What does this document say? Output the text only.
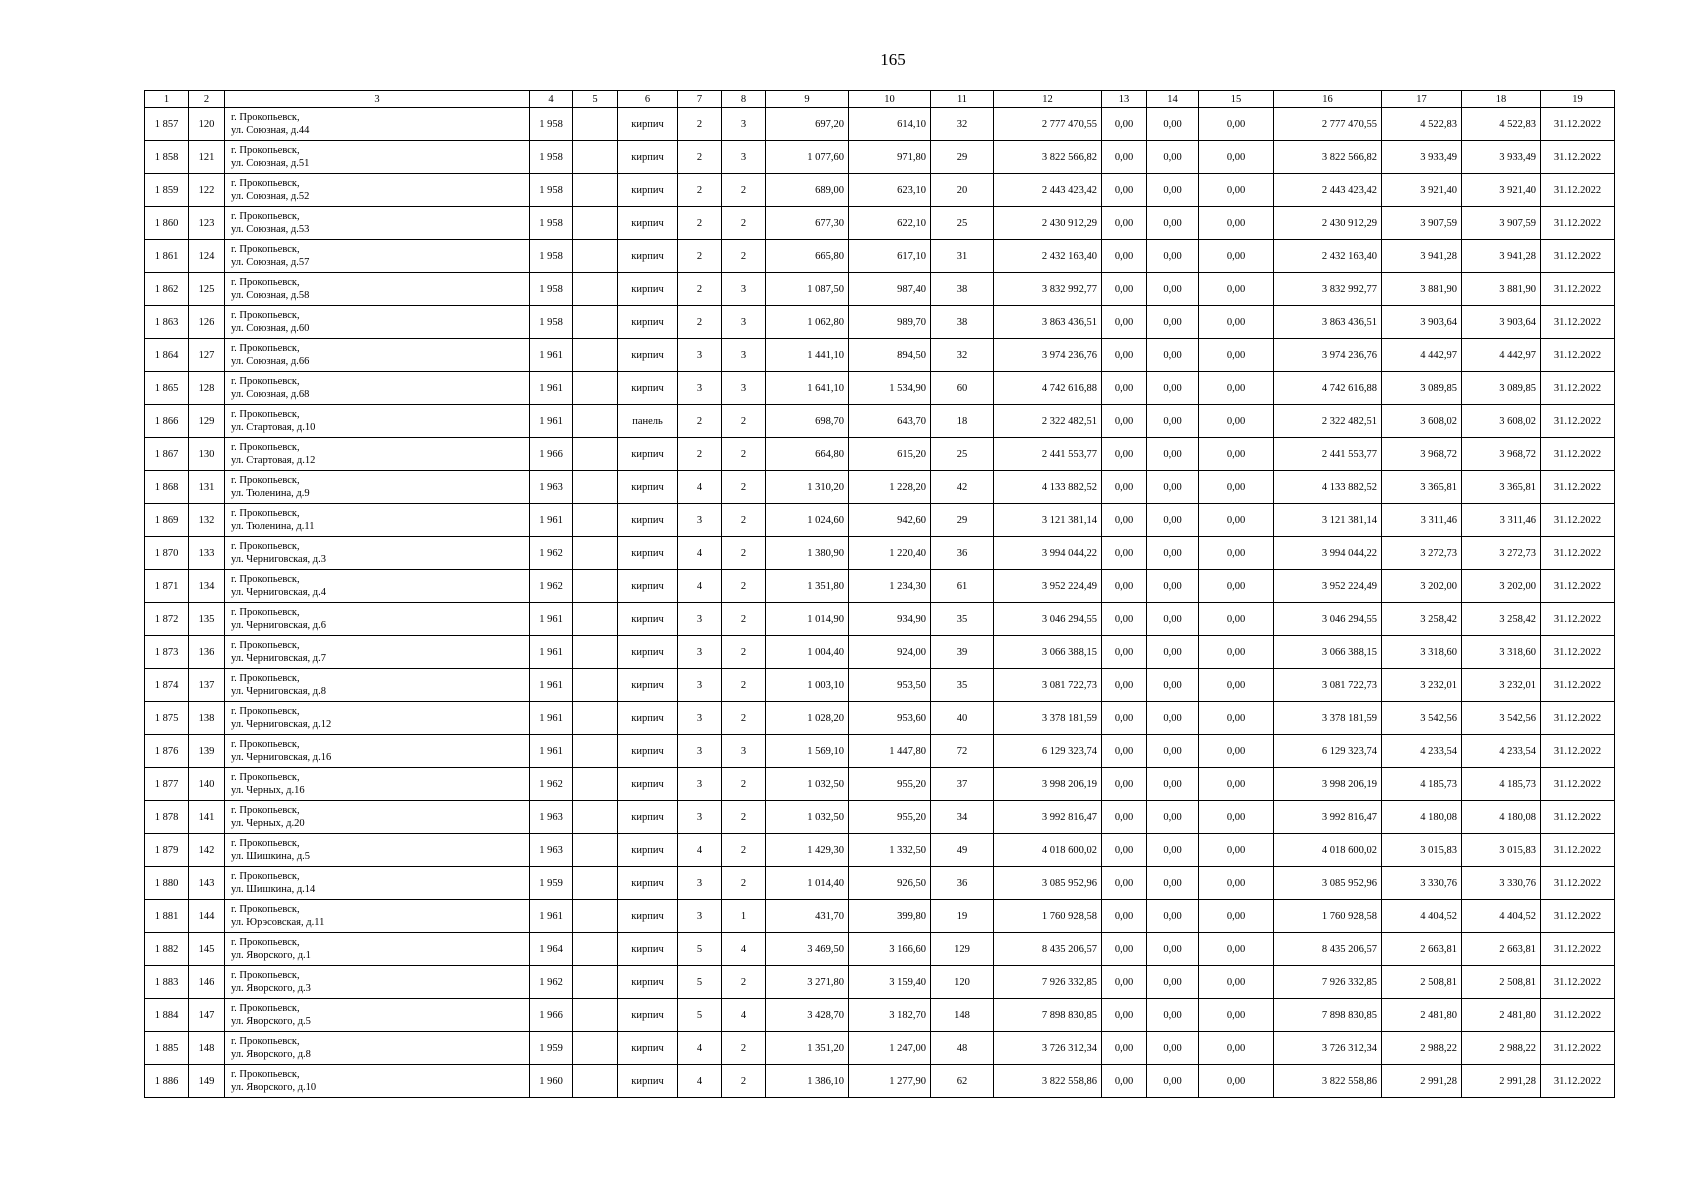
165
1	2	3	4	5	6	7	8	9	10	11	12	13	14	15	16	17	18	19
1 857	120	г. Прокопьевск,
ул. Союзная, д.44	1 958		кирпич	2	3	697,20	614,10	32	2 777 470,55	0,00	0,00	0,00	2 777 470,55	4 522,83	4 522,83	31.12.2022
1 858	121	г. Прокопьевск,
ул. Союзная, д.51	1 958		кирпич	2	3	1 077,60	971,80	29	3 822 566,82	0,00	0,00	0,00	3 822 566,82	3 933,49	3 933,49	31.12.2022
1 859	122	г. Прокопьевск,
ул. Союзная, д.52	1 958		кирпич	2	2	689,00	623,10	20	2 443 423,42	0,00	0,00	0,00	2 443 423,42	3 921,40	3 921,40	31.12.2022
1 860	123	г. Прокопьевск,
ул. Союзная, д.53	1 958		кирпич	2	2	677,30	622,10	25	2 430 912,29	0,00	0,00	0,00	2 430 912,29	3 907,59	3 907,59	31.12.2022
1 861	124	г. Прокопьевск,
ул. Союзная, д.57	1 958		кирпич	2	2	665,80	617,10	31	2 432 163,40	0,00	0,00	0,00	2 432 163,40	3 941,28	3 941,28	31.12.2022
1 862	125	г. Прокопьевск,
ул. Союзная, д.58	1 958		кирпич	2	3	1 087,50	987,40	38	3 832 992,77	0,00	0,00	0,00	3 832 992,77	3 881,90	3 881,90	31.12.2022
1 863	126	г. Прокопьевск,
ул. Союзная, д.60	1 958		кирпич	2	3	1 062,80	989,70	38	3 863 436,51	0,00	0,00	0,00	3 863 436,51	3 903,64	3 903,64	31.12.2022
1 864	127	г. Прокопьевск,
ул. Союзная, д.66	1 961		кирпич	3	3	1 441,10	894,50	32	3 974 236,76	0,00	0,00	0,00	3 974 236,76	4 442,97	4 442,97	31.12.2022
1 865	128	г. Прокопьевск,
ул. Союзная, д.68	1 961		кирпич	3	3	1 641,10	1 534,90	60	4 742 616,88	0,00	0,00	0,00	4 742 616,88	3 089,85	3 089,85	31.12.2022
1 866	129	г. Прокопьевск,
ул. Стартовая, д.10	1 961		панель	2	2	698,70	643,70	18	2 322 482,51	0,00	0,00	0,00	2 322 482,51	3 608,02	3 608,02	31.12.2022
1 867	130	г. Прокопьевск,
ул. Стартовая, д.12	1 966		кирпич	2	2	664,80	615,20	25	2 441 553,77	0,00	0,00	0,00	2 441 553,77	3 968,72	3 968,72	31.12.2022
1 868	131	г. Прокопьевск,
ул. Тюленина, д.9	1 963		кирпич	4	2	1 310,20	1 228,20	42	4 133 882,52	0,00	0,00	0,00	4 133 882,52	3 365,81	3 365,81	31.12.2022
1 869	132	г. Прокопьевск,
ул. Тюленина, д.11	1 961		кирпич	3	2	1 024,60	942,60	29	3 121 381,14	0,00	0,00	0,00	3 121 381,14	3 311,46	3 311,46	31.12.2022
1 870	133	г. Прокопьевск,
ул. Черниговская, д.3	1 962		кирпич	4	2	1 380,90	1 220,40	36	3 994 044,22	0,00	0,00	0,00	3 994 044,22	3 272,73	3 272,73	31.12.2022
1 871	134	г. Прокопьевск,
ул. Черниговская, д.4	1 962		кирпич	4	2	1 351,80	1 234,30	61	3 952 224,49	0,00	0,00	0,00	3 952 224,49	3 202,00	3 202,00	31.12.2022
1 872	135	г. Прокопьевск,
ул. Черниговская, д.6	1 961		кирпич	3	2	1 014,90	934,90	35	3 046 294,55	0,00	0,00	0,00	3 046 294,55	3 258,42	3 258,42	31.12.2022
1 873	136	г. Прокопьевск,
ул. Черниговская, д.7	1 961		кирпич	3	2	1 004,40	924,00	39	3 066 388,15	0,00	0,00	0,00	3 066 388,15	3 318,60	3 318,60	31.12.2022
1 874	137	г. Прокопьевск,
ул. Черниговская, д.8	1 961		кирпич	3	2	1 003,10	953,50	35	3 081 722,73	0,00	0,00	0,00	3 081 722,73	3 232,01	3 232,01	31.12.2022
1 875	138	г. Прокопьевск,
ул. Черниговская, д.12	1 961		кирпич	3	2	1 028,20	953,60	40	3 378 181,59	0,00	0,00	0,00	3 378 181,59	3 542,56	3 542,56	31.12.2022
1 876	139	г. Прокопьевск,
ул. Черниговская, д.16	1 961		кирпич	3	3	1 569,10	1 447,80	72	6 129 323,74	0,00	0,00	0,00	6 129 323,74	4 233,54	4 233,54	31.12.2022
1 877	140	г. Прокопьевск,
ул. Черных, д.16	1 962		кирпич	3	2	1 032,50	955,20	37	3 998 206,19	0,00	0,00	0,00	3 998 206,19	4 185,73	4 185,73	31.12.2022
1 878	141	г. Прокопьевск,
ул. Черных, д.20	1 963		кирпич	3	2	1 032,50	955,20	34	3 992 816,47	0,00	0,00	0,00	3 992 816,47	4 180,08	4 180,08	31.12.2022
1 879	142	г. Прокопьевск,
ул. Шишкина, д.5	1 963		кирпич	4	2	1 429,30	1 332,50	49	4 018 600,02	0,00	0,00	0,00	4 018 600,02	3 015,83	3 015,83	31.12.2022
1 880	143	г. Прокопьевск,
ул. Шишкина, д.14	1 959		кирпич	3	2	1 014,40	926,50	36	3 085 952,96	0,00	0,00	0,00	3 085 952,96	3 330,76	3 330,76	31.12.2022
1 881	144	г. Прокопьевск,
ул. Юрэсовская, д.11	1 961		кирпич	3	1	431,70	399,80	19	1 760 928,58	0,00	0,00	0,00	1 760 928,58	4 404,52	4 404,52	31.12.2022
1 882	145	г. Прокопьевск,
ул. Яворского, д.1	1 964		кирпич	5	4	3 469,50	3 166,60	129	8 435 206,57	0,00	0,00	0,00	8 435 206,57	2 663,81	2 663,81	31.12.2022
1 883	146	г. Прокопьевск,
ул. Яворского, д.3	1 962		кирпич	5	2	3 271,80	3 159,40	120	7 926 332,85	0,00	0,00	0,00	7 926 332,85	2 508,81	2 508,81	31.12.2022
1 884	147	г. Прокопьевск,
ул. Яворского, д.5	1 966		кирпич	5	4	3 428,70	3 182,70	148	7 898 830,85	0,00	0,00	0,00	7 898 830,85	2 481,80	2 481,80	31.12.2022
1 885	148	г. Прокопьевск,
ул. Яворского, д.8	1 959		кирпич	4	2	1 351,20	1 247,00	48	3 726 312,34	0,00	0,00	0,00	3 726 312,34	2 988,22	2 988,22	31.12.2022
1 886	149	г. Прокопьевск,
ул. Яворского, д.10	1 960		кирпич	4	2	1 386,10	1 277,90	62	3 822 558,86	0,00	0,00	0,00	3 822 558,86	2 991,28	2 991,28	31.12.2022
